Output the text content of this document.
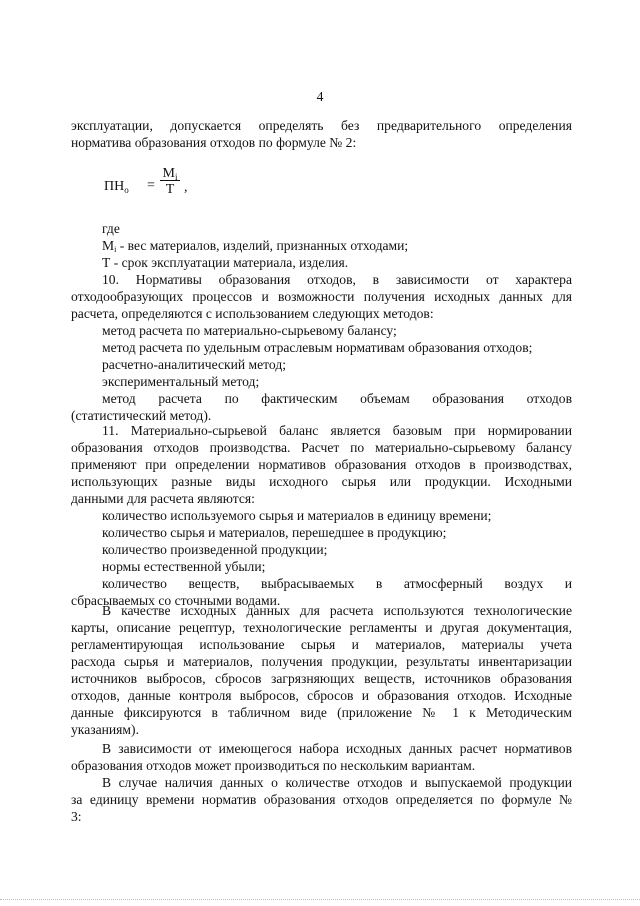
4
эксплуатации, допускается определять без предварительного определения
норматива образования отходов по формуле № 2:
$ПН_о$ =
$M_i$
Т ,
где
Mi - вес материалов, изделий, признанных отходами;
Т - срок эксплуатации материала, изделия.
10. Нормативы образования отходов, в зависимости от характера
отходообразующих процессов и возможности получения исходных данных для
расчета, определяются с использованием следующих методов:
метод расчета по материально-сырьевому балансу;
метод расчета по удельным отраслевым нормативам образования отходов;
расчетно-аналитический метод;
экспериментальный метод;
метод расчета по фактическим объемам образования отходов
(статистический метод).
11. Материально-сырьевой баланс является базовым при нормировании
образования отходов производства. Расчет по материально-сырьевому балансу
применяют при определении нормативов образования отходов в производствах,
использующих разные виды исходного сырья или продукции. Исходными
данными для расчета являются:
количество используемого сырья и материалов в единицу времени;
количество сырья и материалов, перешедшее в продукцию;
количество произведенной продукции;
нормы естественной убыли;
количество веществ, выбрасываемых в атмосферный воздух и
сбрасываемых со сточными водами.
В качестве исходных данных для расчета используются технологические
карты, описание рецептур, технологические регламенты и другая документация,
регламентирующая использование сырья и материалов, материалы учета
расхода сырья и материалов, получения продукции, результаты инвентаризации
источников выбросов, сбросов загрязняющих веществ, источников образования
отходов, данные контроля выбросов, сбросов и образования отходов. Исходные
данные фиксируются в табличном виде (приложение № 1 к Методическим
указаниям).
В зависимости от имеющегося набора исходных данных расчет нормативов
образования отходов может производиться по нескольким вариантам.
В случае наличия данных о количестве отходов и выпускаемой продукции
за единицу времени норматив образования отходов определяется по формуле №
3:
